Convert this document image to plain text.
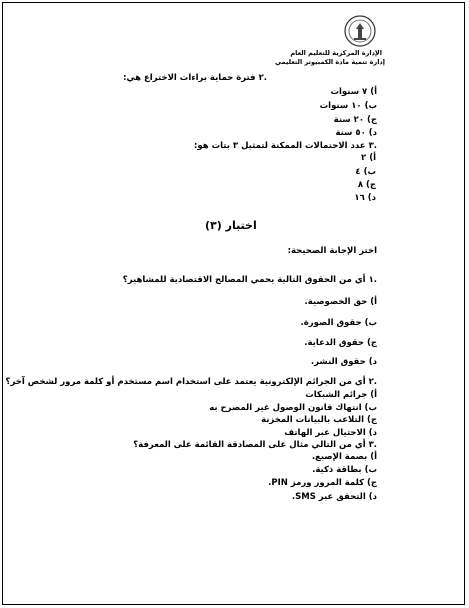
الإدارة المركزية للتعليم العام
إدارة تنمية مادة الكمبيوتر التعليمي
.٢ فترة حماية براءات الاختراع هي:
أ) ٧ سنوات
ب) ١٠ سنوات
ج) ٢٠ سنة
د) ٥٠ سنة
.٣ عدد الاحتمالات الممكنة لتمثيل ٣ بتات هو:
أ) ٢
ب) ٤
ج) ٨
د) ١٦
اختبار (٣)
اختر الإجابة الصحيحة:
.١ أي من الحقوق التالية يحمي المصالح الاقتصادية للمشاهير؟
أ) حق الخصوصية.
ب) حقوق الصورة.
ج) حقوق الدعاية.
د) حقوق النشر.
.٢ أي من الجرائم الإلكترونية يعتمد على استخدام اسم مستخدم أو كلمة مرور لشخص آخر؟
أ) جرائم الشبكات
ب) انتهاك قانون الوصول غير المصرح به
ج) التلاعب بالبيانات المخزنة
د) الاحتيال عبر الهاتف
.٣ أي من التالي مثال على المصادقة القائمة على المعرفة؟
أ) بصمة الإصبع.
ب) بطاقة ذكية.
ج) كلمة المرور ورمز PIN.
د) التحقق عبر SMS.
